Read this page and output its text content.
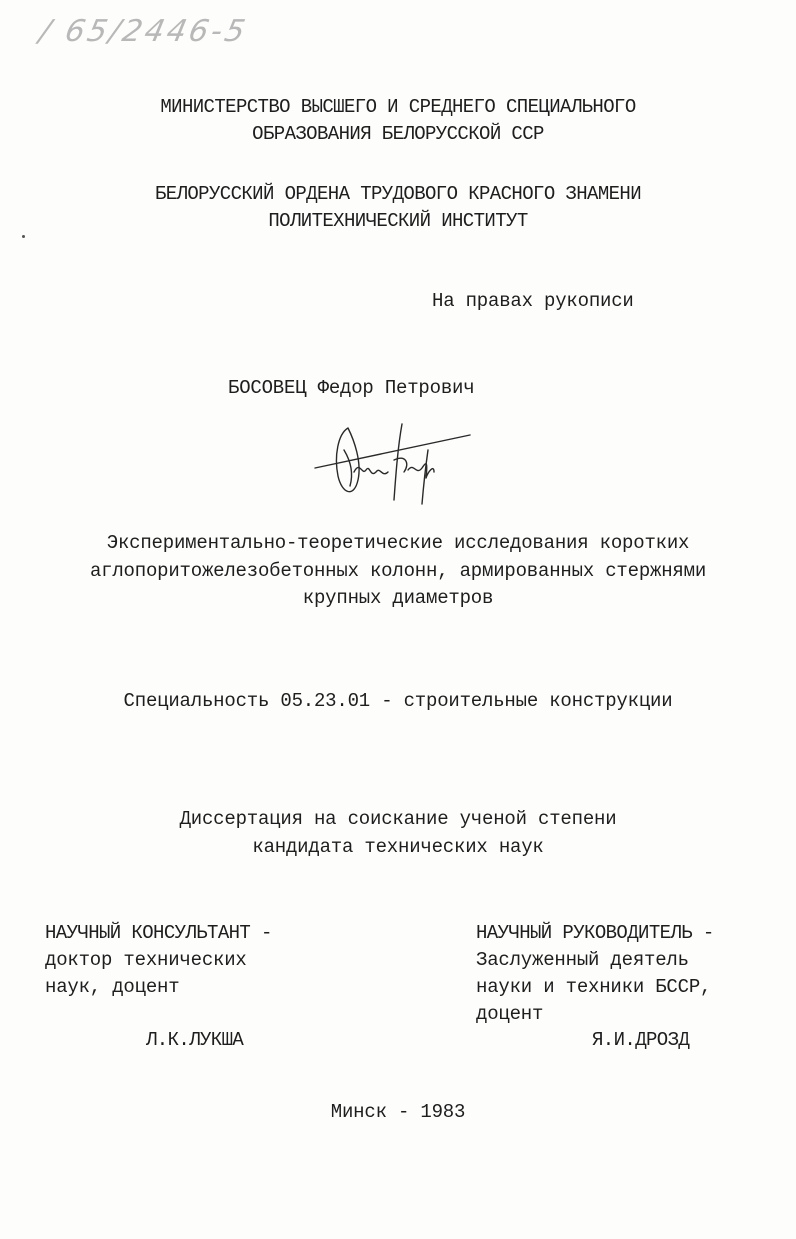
/ 65/2446-5
МИНИСТЕРСТВО ВЫСШЕГО И СРЕДНЕГО СПЕЦИАЛЬНОГО
ОБРАЗОВАНИЯ БЕЛОРУССКОЙ ССР
БЕЛОРУССКИЙ ОРДЕНА ТРУДОВОГО КРАСНОГО ЗНАМЕНИ
ПОЛИТЕХНИЧЕСКИЙ ИНСТИТУТ
На правах рукописи
БОСОВЕЦ Федор Петрович
Экспериментально-теоретические исследования коротких
аглопоритожелезобетонных колонн, армированных стержнями
крупных диаметров
Специальность 05.23.01 - строительные конструкции
Диссертация на соискание ученой степени
кандидата технических наук
НАУЧНЫЙ КОНСУЛЬТАНТ -
доктор технических
наук, доцент
Л.К.ЛУКША
НАУЧНЫЙ РУКОВОДИТЕЛЬ -
Заслуженный деятель
науки и техники БССР,
доцент
Я.И.ДРОЗД
Минск - 1983
